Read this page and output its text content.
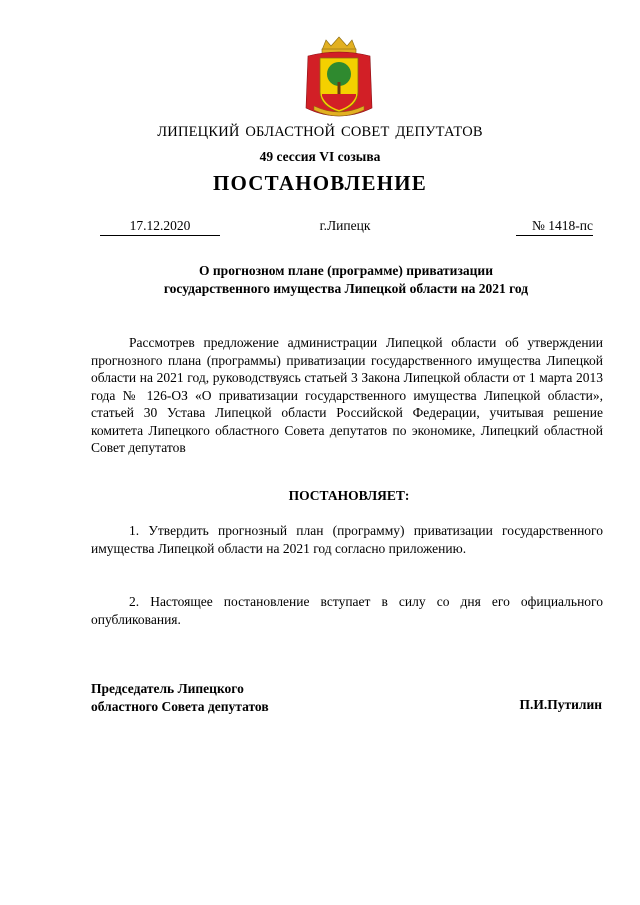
ЛИПЕЦКИЙ ОБЛАСТНОЙ СОВЕТ ДЕПУТАТОВ
49 сессия VI созыва
ПОСТАНОВЛЕНИЕ
17.12.2020	г.Липецк	№ 1418-пс
О прогнозном плане (программе) приватизации
государственного имущества Липецкой области на 2021 год

Рассмотрев предложение администрации Липецкой области об утверждении прогнозного плана (программы) приватизации государственного имущества Липецкой области на 2021 год, руководствуясь статьей 3 Закона Липецкой области от 1 марта 2013 года № 126-ОЗ «О приватизации государственного имущества Липецкой области», статьей 30 Устава Липецкой области Российской Федерации, учитывая решение комитета Липецкого областного Совета депутатов по экономике, Липецкий областной Совет депутатов

ПОСТАНОВЛЯЕТ:

1. Утвердить прогнозный план (программу) приватизации государственного имущества Липецкой области на 2021 год согласно приложению.

2. Настоящее постановление вступает в силу со дня его официального опубликования.

Председатель Липецкого
областного Совета депутатов	П.И.Путилин
